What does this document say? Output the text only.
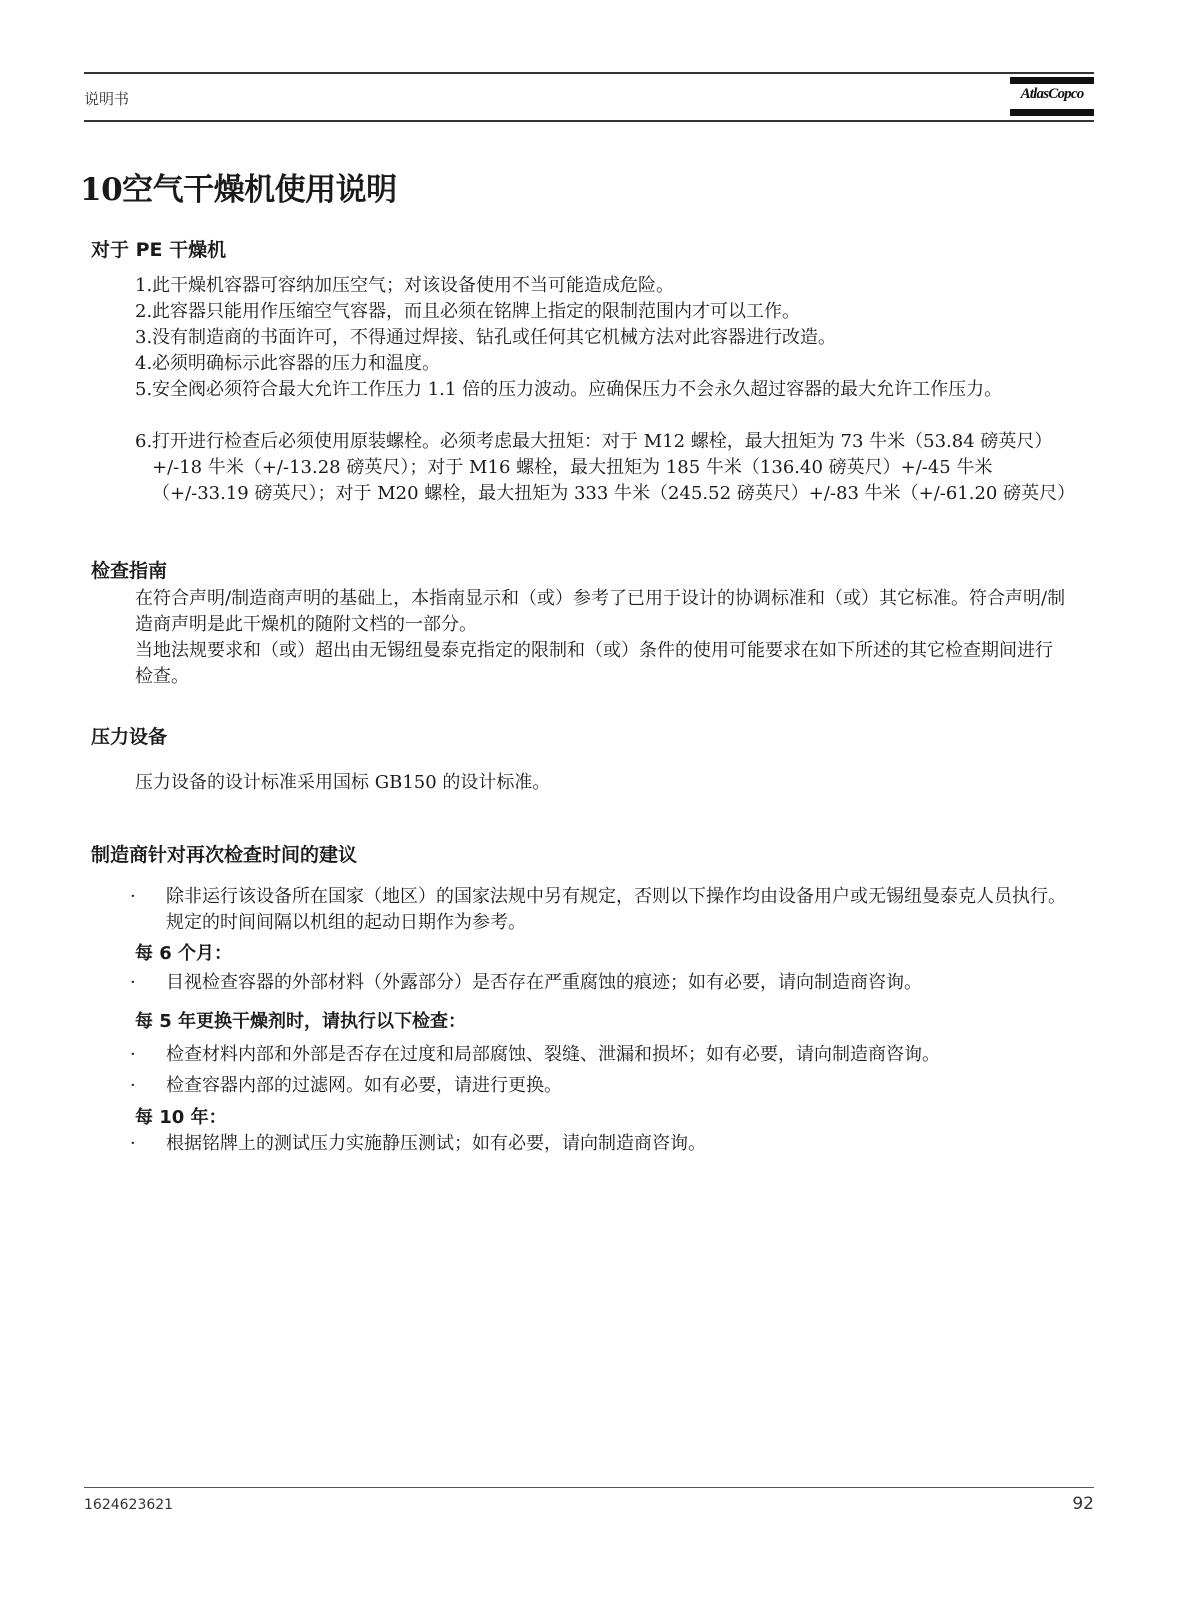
说明书	AtlasCopco
10空气干燥机使用说明
对于 PE 干燥机
1. 此干燥机容器可容纳加压空气；对该设备使用不当可能造成危险。
2. 此容器只能用作压缩空气容器，而且必须在铭牌上指定的限制范围内才可以工作。
3. 没有制造商的书面许可，不得通过焊接、钻孔或任何其它机械方法对此容器进行改造。
4. 必须明确标示此容器的压力和温度。
5. 安全阀必须符合最大允许工作压力 1.1 倍的压力波动。应确保压力不会永久超过容器的最大允许工作压力。
6. 打开进行检查后必须使用原装螺栓。必须考虑最大扭矩：对于 M12 螺栓，最大扭矩为 73 牛米（53.84 磅英尺）+/-18 牛米（+/-13.28 磅英尺）；对于 M16 螺栓，最大扭矩为 185 牛米（136.40 磅英尺）+/-45 牛米（+/-33.19 磅英尺）；对于 M20 螺栓，最大扭矩为 333 牛米（245.52 磅英尺）+/-83 牛米（+/-61.20 磅英尺）
检查指南
在符合声明/制造商声明的基础上，本指南显示和（或）参考了已用于设计的协调标准和（或）其它标准。符合声明/制造商声明是此干燥机的随附文档的一部分。
当地法规要求和（或）超出由无锡纽曼泰克指定的限制和（或）条件的使用可能要求在如下所述的其它检查期间进行检查。
压力设备
压力设备的设计标准采用国标 GB150 的设计标准。
制造商针对再次检查时间的建议
· 除非运行该设备所在国家（地区）的国家法规中另有规定，否则以下操作均由设备用户或无锡纽曼泰克人员执行。规定的时间间隔以机组的起动日期作为参考。
每 6 个月：
· 目视检查容器的外部材料（外露部分）是否存在严重腐蚀的痕迹；如有必要，请向制造商咨询。
每 5 年更换干燥剂时，请执行以下检查：
· 检查材料内部和外部是否存在过度和局部腐蚀、裂缝、泄漏和损坏；如有必要，请向制造商咨询。
· 检查容器内部的过滤网。如有必要，请进行更换。
每 10 年：
· 根据铭牌上的测试压力实施静压测试；如有必要，请向制造商咨询。
1624623621	92
